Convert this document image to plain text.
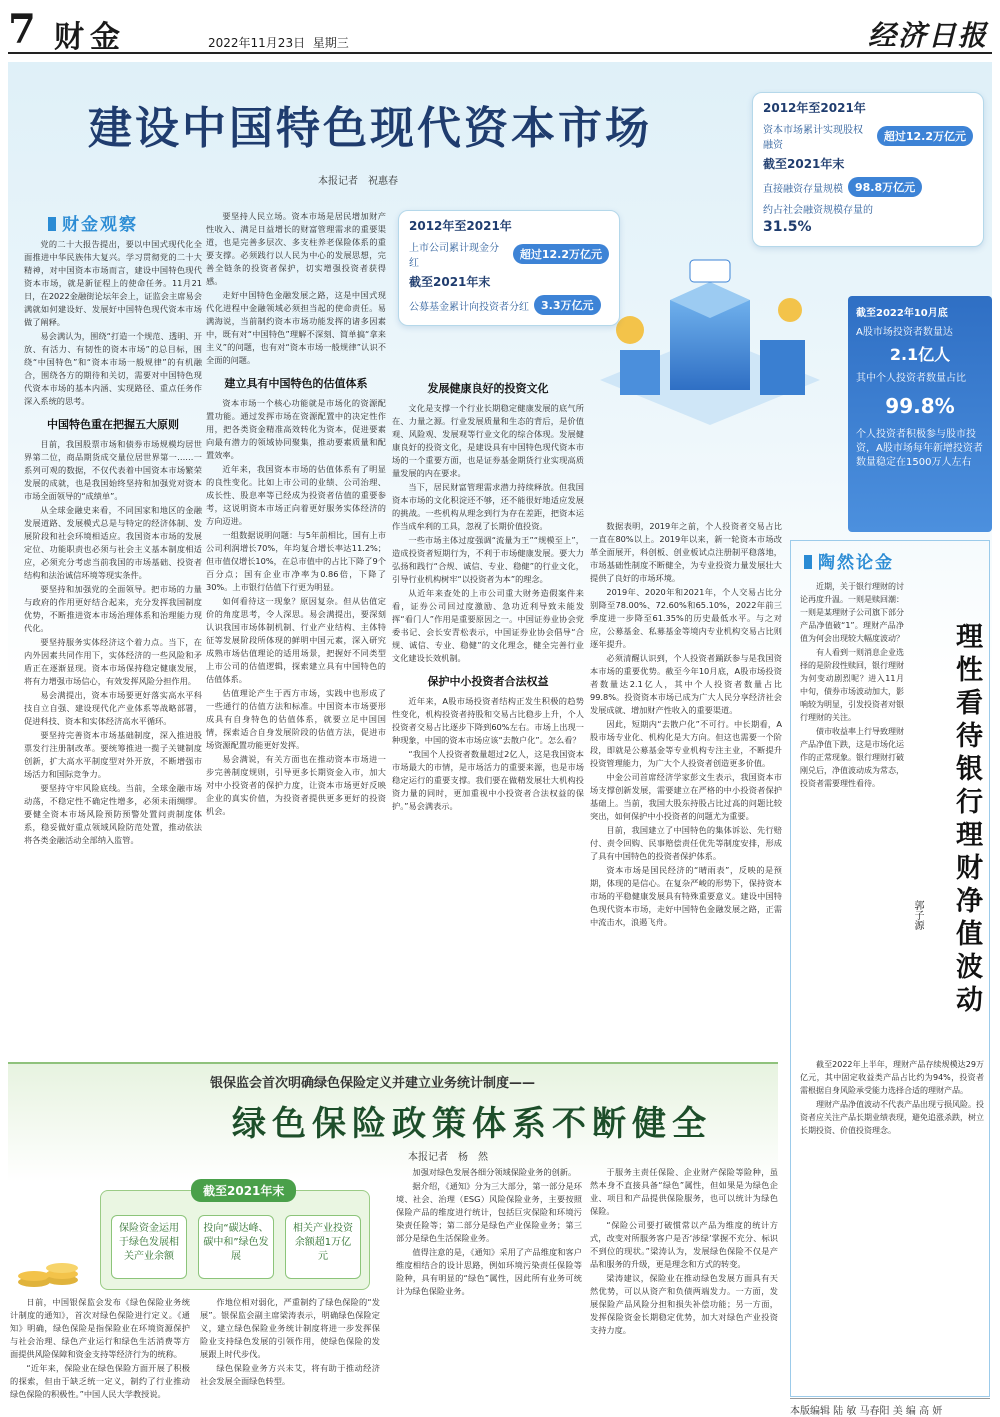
7 财金	2022年11月23日 星期三	经济日报
建设中国特色现代资本市场
本报记者　祝惠春
2012年至2021年
资本市场累计实现股权融资
超过12.2万亿元
截至2021年末
直接融资存量规模	98.8万亿元
约占社会融资规模存量的
31.5%
2012年至2021年
上市公司累计现金分红
超过12.2万亿元
截至2021年末
公募基金累计向投资者分红	3.3万亿元
截至2022年10月底
A股市场投资者数量达
2.1亿人
其中个人投资者数量占比
99.8%
个人投资者积极参与股市投资，A股市场每年新增投资者数量稳定在1500万人左右
财金观察

党的二十大报告提出，要以中国式现代化全面推进中华民族伟大复兴。学习贯彻党的二十大精神，对中国资本市场而言，建设中国特色现代资本市场，就是新征程上的使命任务。11月21日，在2022金融街论坛年会上，证监会主席易会满就如何建设好、发展好中国特色现代资本市场做了阐释。

易会满认为，围绕“打造一个规范、透明、开放、有活力、有韧性的资本市场”的总目标，围绕“中国特色”和“资本市场一般规律”的有机融合，围绕各方的期待和关切，需要对中国特色现代资本市场的基本内涵、实现路径、重点任务作深入系统的思考。

中国特色重在把握五大原则

目前，我国股票市场和债券市场规模均居世界第二位，商品期货成交量位居世界第一……一系列可观的数据，不仅代表着中国资本市场繁荣发展的成就，也是我国始终坚持和加强党对资本市场全面领导的“成绩单”。

从全球金融史来看，不同国家和地区的金融发展道路、发展模式总是与特定的经济体制、发展阶段和社会环境相适应。我国资本市场的发展定位、功能职责也必须与社会主义基本制度相适应，必须充分考虑当前我国的市场基础、投资者结构和法治诚信环境等现实条件。

要坚持和加强党的全面领导。把市场的力量与政府的作用更好结合起来，充分发挥我国制度优势，不断推进资本市场治理体系和治理能力现代化。

要坚持服务实体经济这个着力点。当下，在内外因素共同作用下，实体经济的一些风险和矛盾正在逐渐显现。资本市场保持稳定健康发展，将有力增强市场信心，有效发挥风险分担作用。

易会满提出，资本市场要更好落实高水平科技自立自强、建设现代化产业体系等战略部署，促进科技、资本和实体经济高水平循环。

要坚持完善资本市场基础制度，深入推进股票发行注册制改革。要统筹推进一揽子关键制度创新，扩大高水平制度型对外开放，不断增强市场活力和国际竞争力。

要坚持守牢风险底线。当前，全球金融市场动荡，不稳定性不确定性增多，必须未雨绸缪。要健全资本市场风险预防预警处置问责制度体系，稳妥做好重点领域风险防范处置，推动依法将各类金融活动全部纳入监管。

要坚持人民立场。资本市场是居民增加财产性收入、满足日益增长的财富管理需求的重要渠道，也是完善多层次、多支柱养老保险体系的重要支撑。必须践行以人民为中心的发展思想，完善全链条的投资者保护，切实增强投资者获得感。

走好中国特色金融发展之路，这是中国式现代化进程中金融领域必须担当起的使命责任。易满海说，当前制约资本市场功能发挥的诸多因素中，既有对“中国特色”理解不深刻、简单搞“拿来主义”的问题，也有对“资本市场一般规律”认识不全面的问题。

建立具有中国特色的估值体系

资本市场一个核心功能就是市场化的资源配置功能。通过发挥市场在资源配置中的决定性作用，把各类资金精准高效转化为资本，促进要素向最有潜力的领域协同聚集，推动要素质量和配置效率。

近年来，我国资本市场的估值体系有了明显的良性变化。比如上市公司的业绩、公司治理、成长性、股息率等已经成为投资者估值的重要参考，这说明资本市场正向着更好服务实体经济的方向迈进。

一组数据说明问题：与5年前相比，国有上市公司利润增长70%，年均复合增长率达11.2%；但市值仅增长10%，在总市值中的占比下降了9个百分点；国有企业市净率为0.86倍，下降了30%。上市银行估值下行更为明显。

如何看待这一现象？原因复杂。但从估值定价的角度思考，令人深思。易会满提出，要深刻认识我国市场体制机制、行业产业结构、主体特征等发展阶段所体现的鲜明中国元素，深入研究成熟市场估值理论的适用场景，把握好不同类型上市公司的估值逻辑，探索建立具有中国特色的估值体系。

估值理论产生于西方市场，实践中也形成了一些通行的估值方法和标准。中国资本市场要形成具有自身特色的估值体系，就要立足中国国情，探索适合自身发展阶段的估值方法，促进市场资源配置功能更好发挥。

易会满说，有关方面也在推动资本市场进一步完善制度规则，引导更多长期资金入市，加大对中小投资者的保护力度，让资本市场更好反映企业的真实价值，为投资者提供更多更好的投资机会。

发展健康良好的投资文化

文化是支撑一个行业长期稳定健康发展的底气所在、力量之源。行业发展质量和生态的背后，是价值观、风险观、发展观等行业文化的综合体现。发展健康良好的投资文化，是建设具有中国特色现代资本市场的一个重要方面，也是证券基金期货行业实现高质量发展的内在要求。

当下，居民财富管理需求潜力持续释放。但我国资本市场的文化积淀还不够，还不能很好地适应发展的挑战。一些机构从理念到行为存在差距，把资本运作当成牟利的工具，忽视了长期价值投资。

一些市场主体过度强调“流量为王”“规模至上”，造成投资者短期行为，不利于市场健康发展。要大力弘扬和践行“合规、诚信、专业、稳健”的行业文化，引导行业机构树牢“以投资者为本”的理念。

从近年来查处的上市公司重大财务造假案件来看，证券公司回过度激励、急功近利导致未能发挥“看门人”作用是重要原因之一。中国证券业协会党委书记、会长安青松表示，中国证券业协会倡导“合规、诚信、专业、稳健”的文化理念，健全完善行业文化建设长效机制。

保护中小投资者合法权益

近年来，A股市场投资者结构正发生积极的趋势性变化，机构投资者持股和交易占比稳步上升，个人投资者交易占比逐步下降到60%左右。市场上出现一种现象，中国的资本市场应该“去散户化”。怎么看？

“我国个人投资者数量超过2亿人，这是我国资本市场最大的市情，是市场活力的重要来源，也是市场稳定运行的重要支撑。我们要在做精发展壮大机构投资力量的同时，更加重视中小投资者合法权益的保护。”易会满表示。

数据表明，2019年之前，个人投资者交易占比一直在80%以上。2019年以来，新一轮资本市场改革全面展开，科创板、创业板试点注册制平稳落地，市场基础性制度不断健全，为专业投资力量发展壮大提供了良好的市场环境。

2019年、2020年和2021年，个人交易占比分别降至78.00%、72.60%和65.10%，2022年前三季度进一步降至61.35%的历史最低水平。与之对应，公募基金、私募基金等境内专业机构交易占比则逐年提升。

必须清醒认识到，个人投资者踊跃参与是我国资本市场的重要优势。截至今年10月底，A股市场投资者数量达2.1亿人，其中个人投资者数量占比99.8%。投资资本市场已成为广大人民分享经济社会发展成就、增加财产性收入的重要渠道。

因此，短期内“去散户化”不可行。中长期看，A股市场专业化、机构化是大方向。但这也需要一个阶段，即就是公募基金等专业机构专注主业，不断提升投资管理能力，为广大个人投资者创造更多价值。

中金公司首席经济学家彭文生表示，我国资本市场支撑创新发展，需要建立在严格的中小投资者保护基础上。当前，我国大股东持股占比过高的问题比较突出，如何保护中小投资者的问题尤为重要。

目前，我国建立了中国特色的集体诉讼、先行赔付、责令回购、民事赔偿责任优先等制度安排，形成了具有中国特色的投资者保护体系。

资本市场是国民经济的“晴雨表”，反映的是预期，体现的是信心。在复杂严峻的形势下，保持资本市场的平稳健康发展具有特殊重要意义。建设中国特色现代资本市场，走好中国特色金融发展之路，正需中流击水，浪遏飞舟。

陶然论金
理性看待银行理财净值波动
郭子源

近期，关于银行理财的讨论再度升温。一则是赎回潮：一则是某理财子公司旗下部分产品净值破“1”。理财产品净值为何会出现较大幅度波动？

有人看到一则消息企业选择的是阶段性赎回，银行理财为何变动剧烈呢？进入11月中旬，债券市场波动加大，影响较为明显，引发投资者对银行理财的关注。

债市收益率上行导致理财产品净值下跌，这是市场化运作的正常现象。银行理财打破刚兑后，净值波动成为常态，投资者需要理性看待。

截至2022年上半年，理财产品存续规模达29万亿元，其中固定收益类产品占比约为94%，投资者需根据自身风险承受能力选择合适的理财产品。

理财产品净值波动不代表产品出现亏损风险。投资者应关注产品长期业绩表现，避免追涨杀跌，树立长期投资、价值投资理念。

本版编辑 陆 敏 马春阳 美 编 高 妍
银保监会首次明确绿色保险定义并建立业务统计制度——
绿色保险政策体系不断健全
本报记者　杨　然
截至2021年末
保险资金运用于绿色发展相关产业余额
投向“碳达峰、碳中和”绿色发展
相关产业投资余额超1万亿元

日前，中国银保监会发布《绿色保险业务统计制度的通知》，首次对绿色保险进行定义。《通知》明确，绿色保险是指保险业在环境资源保护与社会治理、绿色产业运行和绿色生活消费等方面提供风险保障和资金支持等经济行为的统称。

“近年来，保险业在绿色保险方面开展了积极的探索，但由于缺乏统一定义，制约了行业推动绿色保险的积极性。”中国人民大学教授说。

作地位相对弱化，严重制约了绿色保险的“发展”。银保监会副主席梁涛表示，明确绿色保险定义，建立绿色保险业务统计制度将进一步发挥保险业支持绿色发展的引领作用，使绿色保险的发展跟上时代步伐。

绿色保险业务方兴未艾，将有助于推动经济社会发展全面绿色转型。

加强对绿色发展各细分领域保险业务的创新。

据介绍，《通知》分为三大部分，第一部分是环境、社会、治理（ESG）风险保险业务，主要按照保险产品的维度进行统计，包括巨灾保险和环境污染责任险等；第二部分是绿色产业保险业务；第三部分是绿色生活保险业务。

值得注意的是，《通知》采用了产品维度和客户维度相结合的设计思路，例如环境污染责任保险等险种，具有明显的“绿色”属性，因此所有业务可统计为绿色保险业务。

于服务主责任保险、企业财产保险等险种，虽然本身不直接具备“绿色”属性，但如果是为绿色企业、项目和产品提供保险服务，也可以统计为绿色保险。

“保险公司要打破惯常以产品为维度的统计方式，改变对所服务客户是否‘涉绿’掌握不充分、标识不到位的现状。”梁涛认为，发展绿色保险不仅是产品和服务的升级，更是理念和方式的转变。

梁涛建议，保险业在推动绿色发展方面具有天然优势，可以从资产和负债两端发力。一方面，发展保险产品风险分担和损失补偿功能；另一方面，发挥保险资金长期稳定优势，加大对绿色产业投资支持力度。
